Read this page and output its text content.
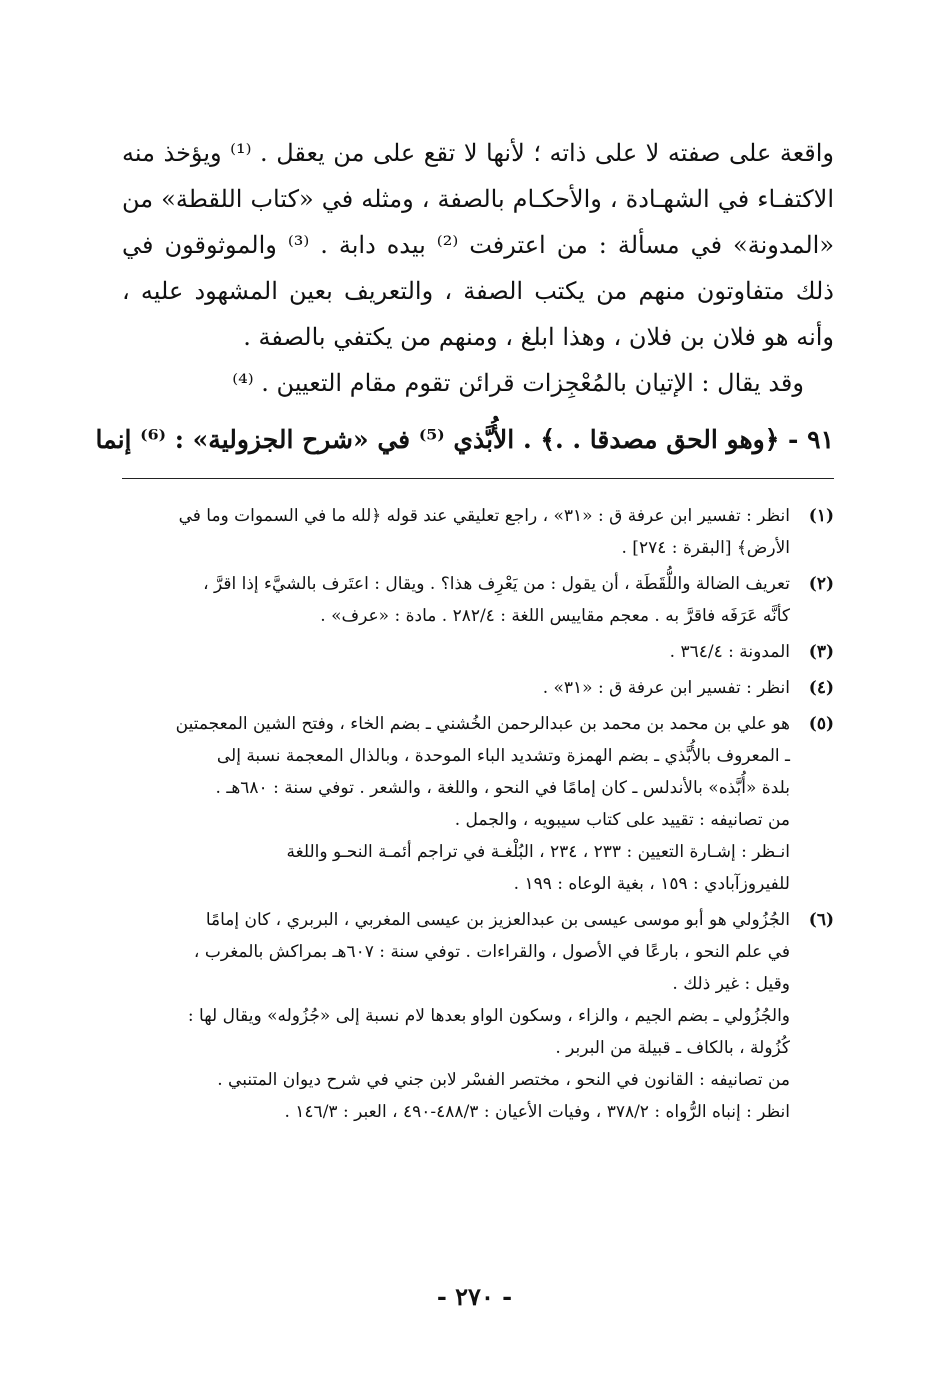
واقعة على صفته لا على ذاته ؛ لأنها لا تقع على من يعقل . ⁽¹⁾ ويؤخذ منه الاكتفـاء في الشهـادة ، والأحكـام بالصفة ، ومثله في «كتاب اللقطة» من «المدونة» في مسألة : من اعترفت ⁽²⁾ بيده دابة . ⁽³⁾ والموثوقون في ذلك متفاوتون منهم من يكتب الصفة ، والتعريف بعين المشهود عليه ، وأنه هو فلان بن فلان ، وهذا ابلغ ، ومنهم من يكتفي بالصفة .

وقد يقال : الإتيان بالمُعْجِزات قرائن تقوم مقام التعيين . ⁽⁴⁾

٩١ - ﴿وهو الحق مصدقا . .﴾ . الأُبَّذي ⁽⁵⁾ في «شرح الجزولية» : ⁽⁶⁾ إنما
(١)
انظر : تفسير ابن عرفة ق : «٣١» ، راجع تعليقي عند قوله ﴿لله ما في السموات وما في
الأرض﴾ [البقرة : ٢٧٤] .
(٢)
تعريف الضالة واللُّقَطَة ، أن يقول : من يَعْرِف هذا؟ . ويقال : اعتَرف بالشيَّء إذا اقرَّ ،
كأنَّه عَرَفَه فاقرَّ به . معجم مقاييس اللغة : ٢٨٢/٤ . مادة : «عرف» .
(٣)
المدونة : ٣٦٤/٤ .
(٤)
انظر : تفسير ابن عرفة ق : «٣١» .
(٥)
هو علي بن محمد بن محمد بن عبدالرحمن الخُشني ـ بضم الخاء ، وفتح الشين المعجمتين
ـ المعروف بالأُبَّذي ـ بضم الهمزة وتشديد الباء الموحدة ، وبالذال المعجمة نسبة إلى
بلدة «أُبَّذه» بالأندلس ـ كان إمامًا في النحو ، واللغة ، والشعر . توفي سنة : ٦٨٠هـ .
من تصانيفه : تقييد على كتاب سيبويه ، والجمل .
انـظر : إشـارة التعيين : ٢٣٣ ، ٢٣٤ ، البُلْغـة في تراجم أئمـة النحـو واللغة
للفيروزآبادي : ١٥٩ ، بغية الوعاه : ١٩٩ .
(٦)
الجُزُولي هو أبو موسى عيسى بن عبدالعزيز بن عيسى المغربي ، البربري ، كان إمامًا
في علم النحو ، بارعًا في الأصول ، والقراءات . توفي سنة : ٦٠٧هـ بمراكش بالمغرب ،
وقيل : غير ذلك .
والجُزُولي ـ بضم الجيم ، والزاء ، وسكون الواو بعدها لام نسبة إلى «جُزُوله» ويقال لها :
كُزُولة ، بالكاف ـ قبيلة من البربر .
من تصانيفه : القانون في النحو ، مختصر الفسْر لابن جني في شرح ديوان المتنبي .
انظر : إنباه الرُّواه : ٣٧٨/٢ ، وفيات الأعيان : ٤٨٨/٣-٤٩٠ ، العبر : ١٤٦/٣ .
- ٢٧٠ -
